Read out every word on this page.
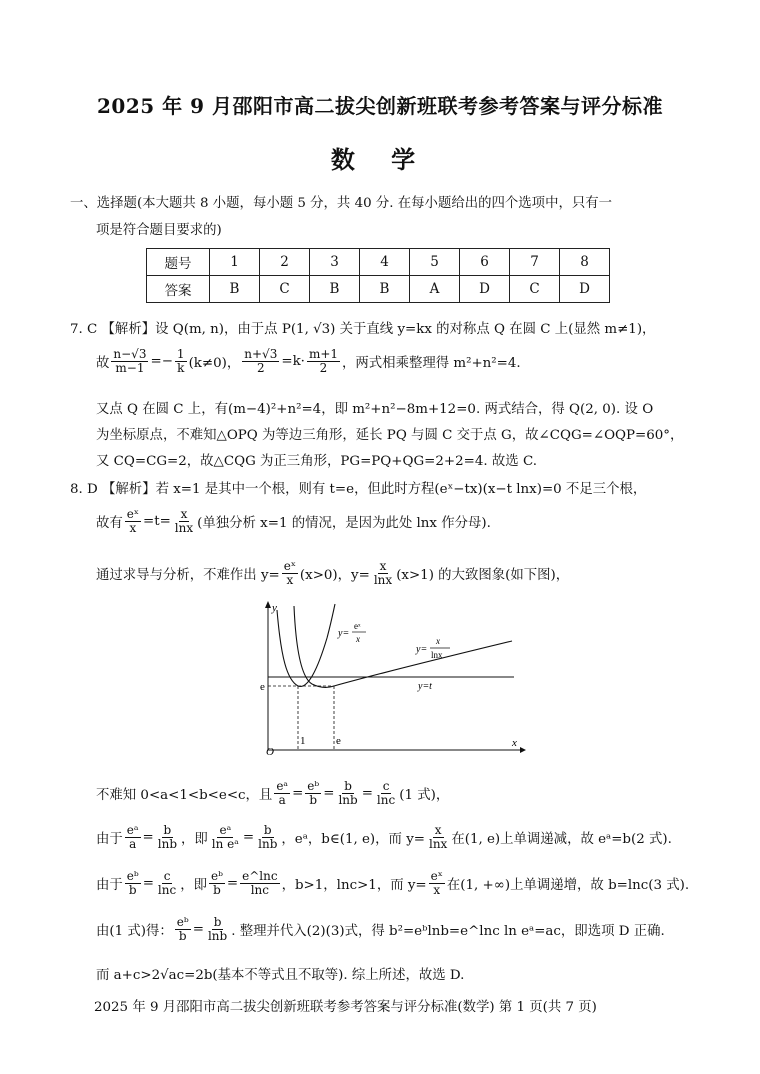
2025 年 9 月邵阳市高二拔尖创新班联考参考答案与评分标准
数 学
一、选择题(本大题共 8 小题，每小题 5 分，共 40 分. 在每小题给出的四个选项中，只有一
项是符合题目要求的)
题号	1	2	3	4	5	6	7	8
答案	B	C	B	B	A	D	C	D
7. C 【解析】设 Q(m, n)，由于点 P(1, √3) 关于直线 y=kx 的对称点 Q 在圆 C 上(显然 m≠1)，
故 $\frac{n-√3}{m-1} =- \frac{1}{k} (k\ne 0)$， $\frac{n+√3}{2} =k\cdot \frac{m+1}{2}$ ，两式相乘整理得 m²+n²=4.
又点 Q 在圆 C 上，有(m−4)²+n²=4，即 m²+n²−8m+12=0. 两式结合，得 Q(2, 0). 设 O
为坐标原点，不难知△OPQ 为等边三角形，延长 PQ 与圆 C 交于点 G，故∠CQG=∠OQP=60°，
又 CQ=CG=2，故△CQG 为正三角形，PG=PQ+QG=2+2=4. 故选 C.
8. D 【解析】若 x=1 是其中一个根，则有 t=e，但此时方程(eˣ−tx)(x−t lnx)=0 不足三个根，
故有 $\frac{\text{eˣ}}{x} =t= \frac{x}{\ln x}$ (单独分析 x=1 的情况，是因为此处 lnx 作分母).
通过求导与分析，不难作出 $y= \frac{\text{eˣ}}{x} (x>0)$，$y= \frac{x}{\ln x} (x>1)$ 的大致图象(如下图)，
y
x
O
e
1	e
y=
eˣ
x
y=
x
lnx
y=t
不难知 0<a<1<b<e<c，且 $\frac{\text{eᵃ}}{a} = \frac{\text{eᵇ}}{b} = \frac{b}{\ln b} = \frac{c}{\ln c} (1$ 式)，
由于 $\frac{\text{eᵃ}}{a} = \frac{b}{\ln b}$ ，即 $\frac{\text{eᵃ}}{\text{ln eᵃ}} = \frac{b}{\ln b}$ ，eᵃ，b∈(1, e)，而 $y= \frac{x}{\ln x}$ 在(1, e)上单调递减，故 eᵃ=b(2 式).
由于 $\frac{\text{eᵇ}}{b} = \frac{c}{\ln c}$ ，即 $\frac{\text{eᵇ}}{b} = \frac{e\^{}\ln c}{\ln c}$ ，b>1，lnc>1，而 $y= \frac{\text{eˣ}}{x}$ 在(1, +∞)上单调递增，故 b=lnc(3 式).
由(1 式)得： $\frac{\text{eᵇ}}{b} = \frac{b}{\ln b}$ . 整理并代入(2)(3)式，得 b²=eᵇlnb=e^lnc ln eᵃ=ac，即选项 D 正确.
而 a+c>2√ac=2b(基本不等式且不取等). 综上所述，故选 D.
2025 年 9 月邵阳市高二拔尖创新班联考参考答案与评分标准(数学) 第 1 页(共 7 页)
